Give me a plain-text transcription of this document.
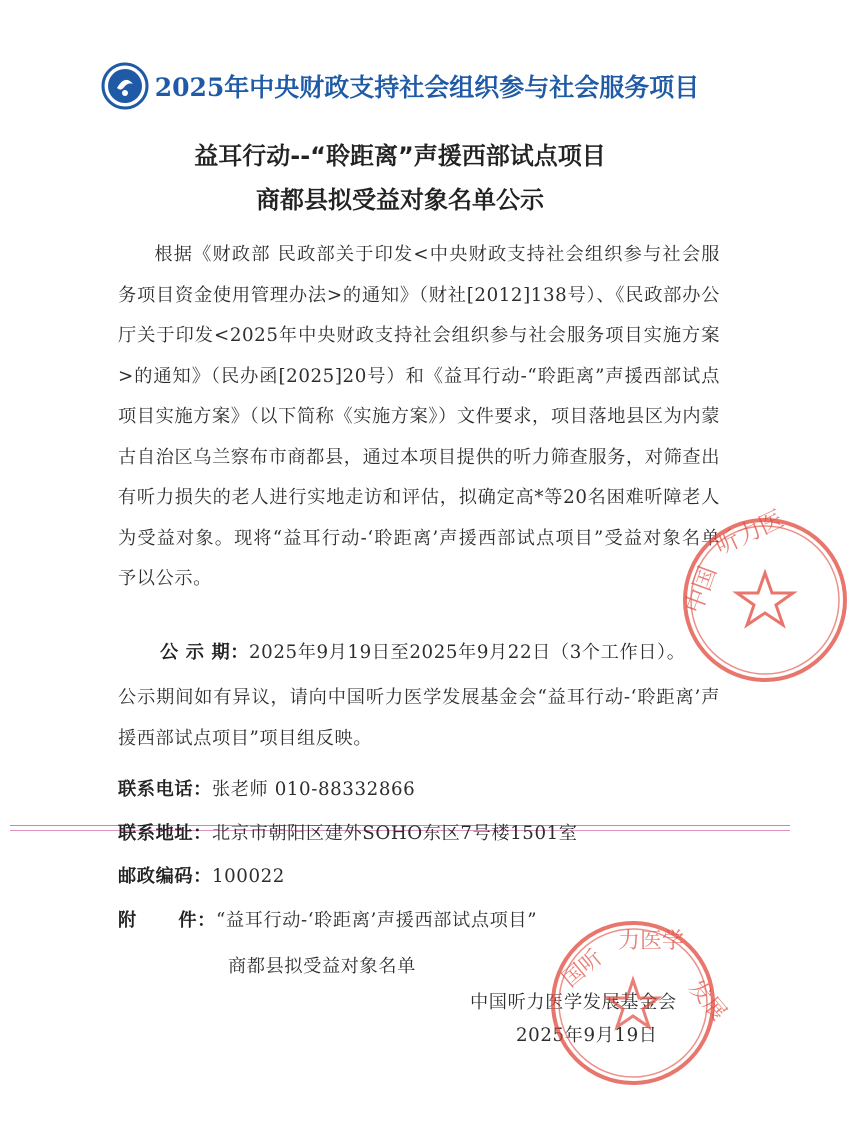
2025年中央财政支持社会组织参与社会服务项目
益耳行动--“聆距离”声援西部试点项目
商都县拟受益对象名单公示
根据《财政部 民政部关于印发<中央财政支持社会组织参与社会服务项目资金使用管理办法>的通知》（财社[2012]138号）、《民政部办公厅关于印发<2025年中央财政支持社会组织参与社会服务项目实施方案>的通知》（民办函[2025]20号）和《益耳行动-“聆距离”声援西部试点项目实施方案》（以下简称《实施方案》）文件要求，项目落地县区为内蒙古自治区乌兰察布市商都县，通过本项目提供的听力筛查服务，对筛查出有听力损失的老人进行实地走访和评估，拟确定高*等20名困难听障老人为受益对象。现将“益耳行动-‘聆距离’声援西部试点项目”受益对象名单予以公示。
公 示 期：2025年9月19日至2025年9月22日（3个工作日）。
公示期间如有异议，请向中国听力医学发展基金会“益耳行动-‘聆距离’声援西部试点项目”项目组反映。
联系电话：张老师 010-88332866
联系地址：北京市朝阳区建外SOHO东区7号楼1501室
邮政编码：100022
附      件：“益耳行动-‘聆距离’声援西部试点项目”
商都县拟受益对象名单
中国听力医学发展基金会
2025年9月19日
中国
听力医
国听
力医学
发展
